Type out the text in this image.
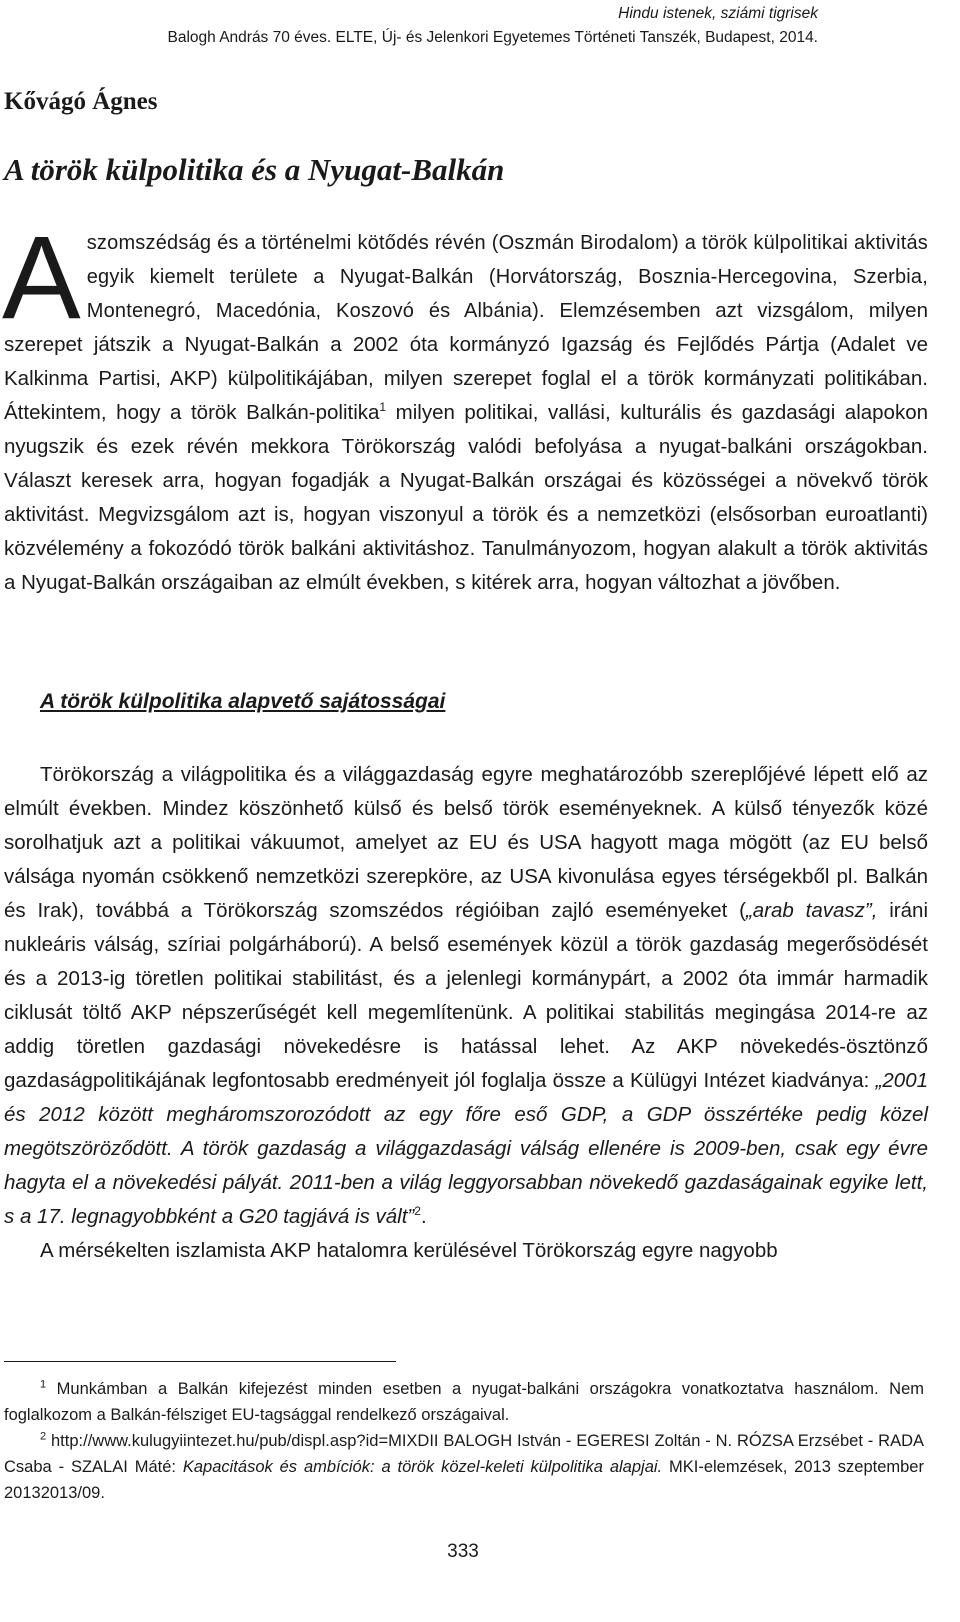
Hindu istenek, sziámi tigrisek
Balogh András 70 éves. ELTE, Új- és Jelenkori Egyetemes Történeti Tanszék, Budapest, 2014.
Kővágó Ágnes
A török külpolitika és a Nyugat-Balkán
Aszomszédság és a történelmi kötődés révén (Oszmán Birodalom) a török külpolitikai aktivitás egyik kiemelt területe a Nyugat-Balkán (Horvátország, Bosznia-Hercegovina, Szerbia, Montenegró, Macedónia, Koszovó és Albánia). Elemzésemben azt vizsgálom, milyen szerepet játszik a Nyugat-Balkán a 2002 óta kormányzó Igazság és Fejlődés Pártja (Adalet ve Kalkinma Partisi, AKP) külpolitikájában, milyen szerepet foglal el a török kormányzati politikában. Áttekintem, hogy a török Balkán-politika$^1$ milyen politikai, vallási, kulturális és gazdasági alapokon nyugszik és ezek révén mekkora Törökország valódi befolyása a nyugat-balkáni országokban. Választ keresek arra, hogyan fogadják a Nyugat-Balkán országai és közösségei a növekvő török aktivitást. Megvizsgálom azt is, hogyan viszonyul a török és a nemzetközi (elsősorban euroatlanti) közvélemény a fokozódó török balkáni aktivitáshoz. Tanulmányozom, hogyan alakult a török aktivitás a Nyugat-Balkán országaiban az elmúlt években, s kitérek arra, hogyan változhat a jövőben.
A török külpolitika alapvető sajátosságai

Törökország a világpolitika és a világgazdaság egyre meghatározóbb szereplőjévé lépett elő az elmúlt években. Mindez köszönhető külső és belső török eseményeknek. A külső tényezők közé sorolhatjuk azt a politikai vákuumot, amelyet az EU és USA hagyott maga mögött (az EU belső válsága nyomán csökkenő nemzetközi szerepköre, az USA kivonulása egyes térségekből pl. Balkán és Irak), továbbá a Törökország szomszédos régióiban zajló eseményeket („arab tavasz”, iráni nukleáris válság, szíriai polgárháború). A belső események közül a török gazdaság megerősödését és a 2013-ig töretlen politikai stabilitást, és a jelenlegi kormánypárt, a 2002 óta immár harmadik ciklusát töltő AKP népszerűségét kell megemlítenünk. A politikai stabilitás megingása 2014-re az addig töretlen gazdasági növekedésre is hatással lehet. Az AKP növekedés-ösztönző gazdaságpolitikájának legfontosabb eredményeit jól foglalja össze a Külügyi Intézet kiadványa: „2001 és 2012 között megháromszorozódott az egy főre eső GDP, a GDP összértéke pedig közel megötszöröződött. A török gazdaság a világgazdasági válság ellenére is 2009-ben, csak egy évre hagyta el a növekedési pályát. 2011-ben a világ leggyorsabban növekedő gazdaságainak egyike lett, s a 17. legnagyobbként a G20 tagjává is vált”$^2$.

A mérsékelten iszlamista AKP hatalomra kerülésével Törökország egyre nagyobb

$^1$ Munkámban a Balkán kifejezést minden esetben a nyugat-balkáni országokra vonatkoztatva használom. Nem foglalkozom a Balkán-félsziget EU-tagsággal rendelkező országaival.

$^2$ http://www.kulugyiintezet.hu/pub/displ.asp?id=MIXDII BALOGH István - EGERESI Zoltán - N. RÓZSA Erzsébet - RADA Csaba - SZALAI Máté: Kapacitások és ambíciók: a török közel-keleti külpolitika alapjai. MKI-elemzések, 2013 szeptember 20132013/09.

333
